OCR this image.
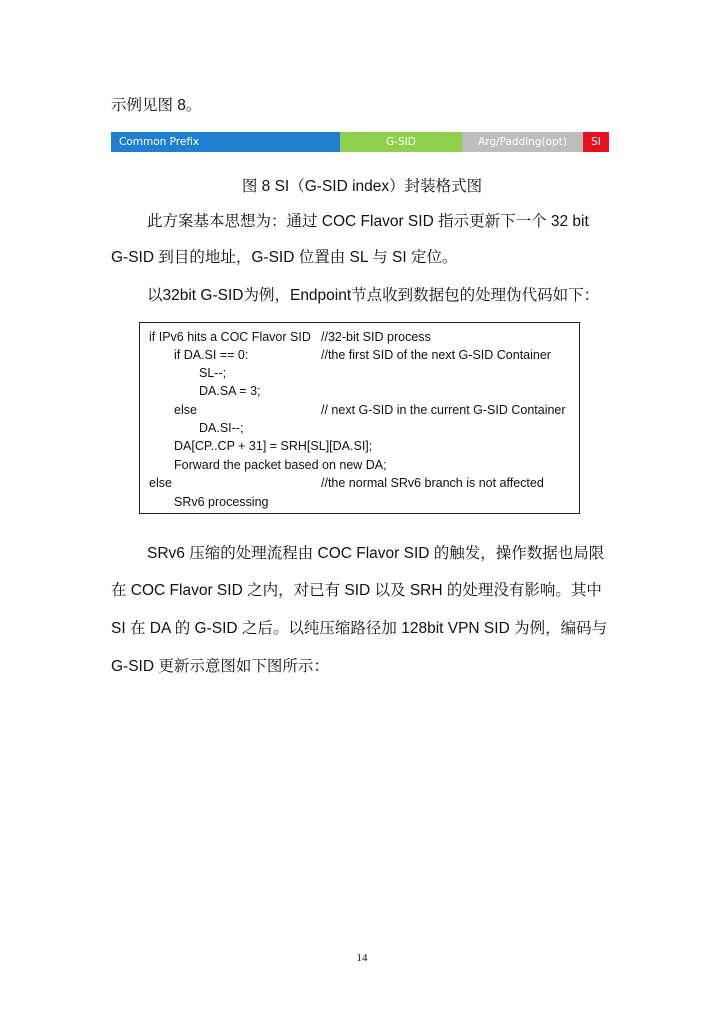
示例见图 8。
Common Prefix	G-SID	Arg/Padding(opt)	SI
图 8 SI（G-SID index）封装格式图
此方案基本思想为：通过 COC Flavor SID 指示更新下一个 32 bit
G-SID 到目的地址，G-SID 位置由 SL 与 SI 定位。
以32bit G-SID为例，Endpoint节点收到数据包的处理伪代码如下：
if IPv6 hits a COC Flavor SID //32-bit SID process
if DA.SI == 0:	//the first SID of the next G-SID Container
SL--;
DA.SA = 3;
else	// next G-SID in the current G-SID Container
DA.SI--;
DA[CP..CP + 31] = SRH[SL][DA.SI];
Forward the packet based on new DA;
else	//the normal SRv6 branch is not affected
SRv6 processing
SRv6 压缩的处理流程由 COC Flavor SID 的触发，操作数据也局限
在 COC Flavor SID 之内，对已有 SID 以及 SRH 的处理没有影响。其中
SI 在 DA 的 G-SID 之后。以纯压缩路径加 128bit VPN SID 为例，编码与
G-SID 更新示意图如下图所示：
14
